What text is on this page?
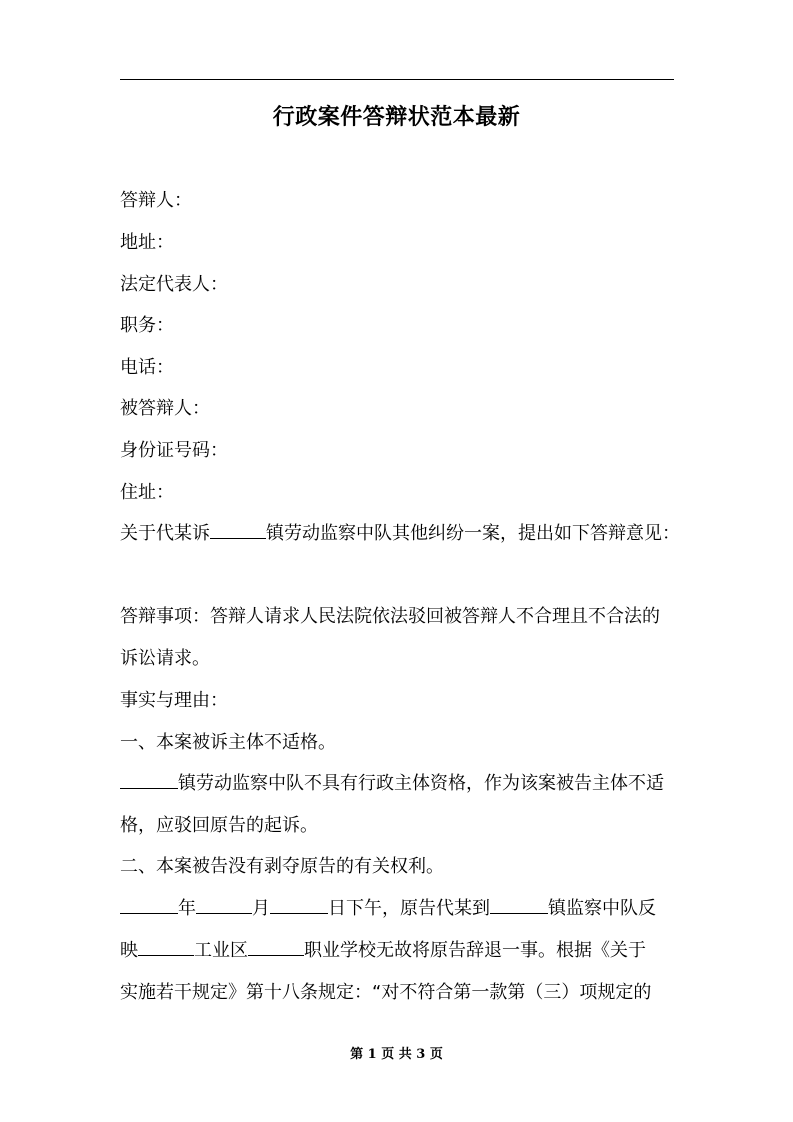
行政案件答辩状范本最新
答辩人：
地址：
法定代表人：
职务：
电话：
被答辩人：
身份证号码：
住址：
关于代某诉	镇劳动监察中队其他纠纷一案，提出如下答辩意见：
答辩事项：答辩人请求人民法院依法驳回被答辩人不合理且不合法的
诉讼请求。
事实与理由：
一、本案被诉主体不适格。
镇劳动监察中队不具有行政主体资格，作为该案被告主体不适
格，应驳回原告的起诉。
二、本案被告没有剥夺原告的有关权利。
年	月	日下午，原告代某到	镇监察中队反
映	工业区	职业学校无故将原告辞退一事。根据《关于
实施若干规定》第十八条规定：“对不符合第一款第（三）项规定的
第 1 页 共 3 页
